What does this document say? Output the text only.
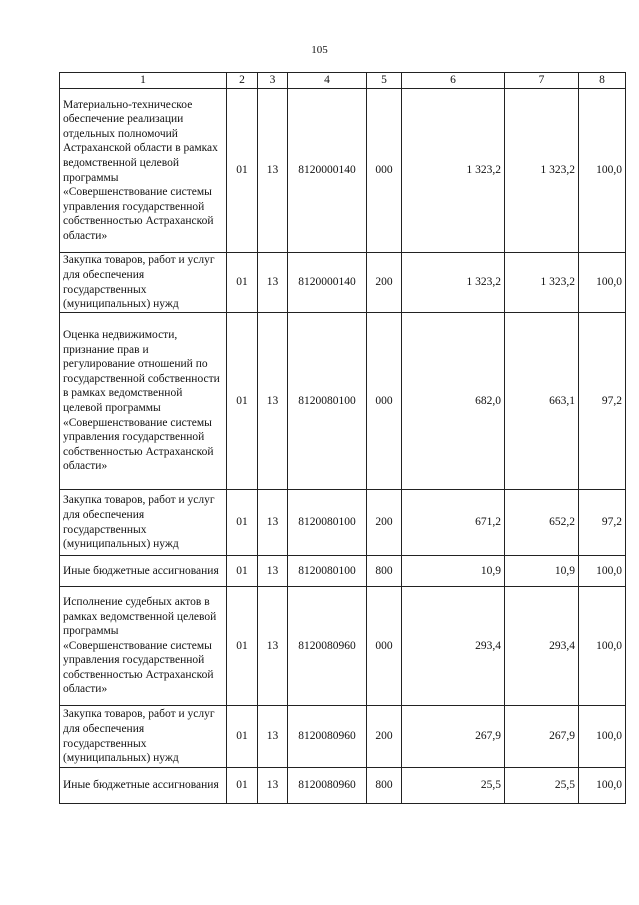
105
1	2	3	4	5	6	7	8
Материально-техническое обеспечение реализации отдельных полномочий Астраханской области в рамках ведомственной целевой программы «Совершенствование системы управления государственной собственностью Астраханской области»	01	13	8120000140	000	1 323,2	1 323,2	100,0
Закупка товаров, работ и услуг для обеспечения государственных (муниципальных) нужд	01	13	8120000140	200	1 323,2	1 323,2	100,0
Оценка недвижимости, признание прав и регулирование отношений по государственной собственности в рамках ведомственной целевой программы «Совершенствование системы управления государственной собственностью Астраханской области»	01	13	8120080100	000	682,0	663,1	97,2
Закупка товаров, работ и услуг для обеспечения государственных (муниципальных) нужд	01	13	8120080100	200	671,2	652,2	97,2
Иные бюджетные ассигнования	01	13	8120080100	800	10,9	10,9	100,0
Исполнение судебных актов в рамках ведомственной целевой программы «Совершенствование системы управления государственной собственностью Астраханской области»	01	13	8120080960	000	293,4	293,4	100,0
Закупка товаров, работ и услуг для обеспечения государственных (муниципальных) нужд	01	13	8120080960	200	267,9	267,9	100,0
Иные бюджетные ассигнования	01	13	8120080960	800	25,5	25,5	100,0
